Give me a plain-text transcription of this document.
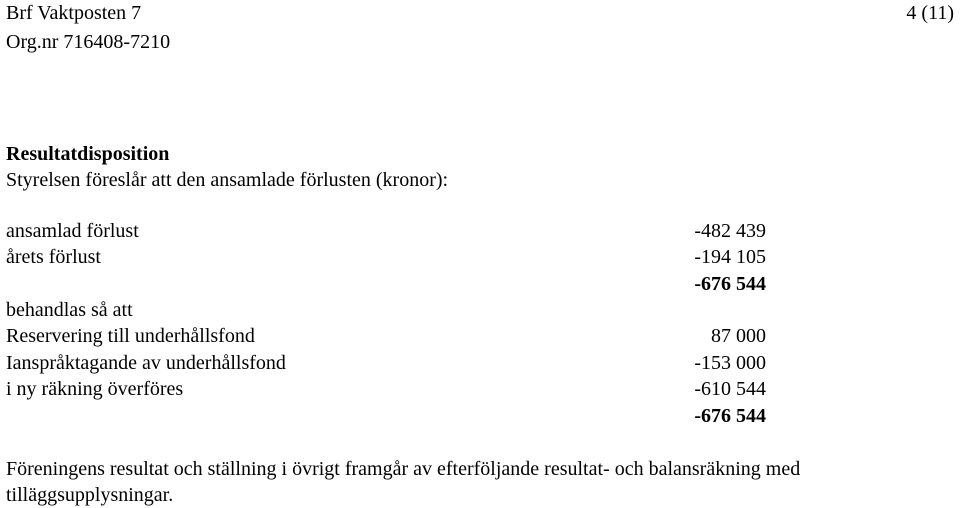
Brf Vaktposten 7
Org.nr 716408-7210
4 (11)
Resultatdisposition
Styrelsen föreslår att den ansamlade förlusten (kronor):
ansamlad förlust	-482 439
årets förlust	-194 105
-676 544
behandlas så att
Reservering till underhållsfond	87 000
Ianspråktagande av underhållsfond	-153 000
i ny räkning överföres	-610 544
-676 544
Föreningens resultat och ställning i övrigt framgår av efterföljande resultat- och balansräkning med
tilläggsupplysningar.
